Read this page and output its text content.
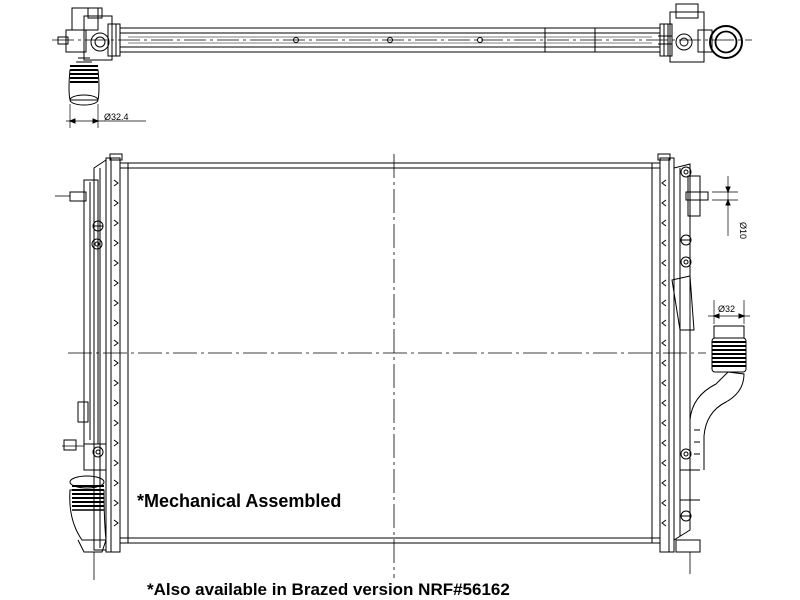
Ø32.4
Ø32
Ø10
*Mechanical Assembled
*Also available in Brazed version NRF#56162
